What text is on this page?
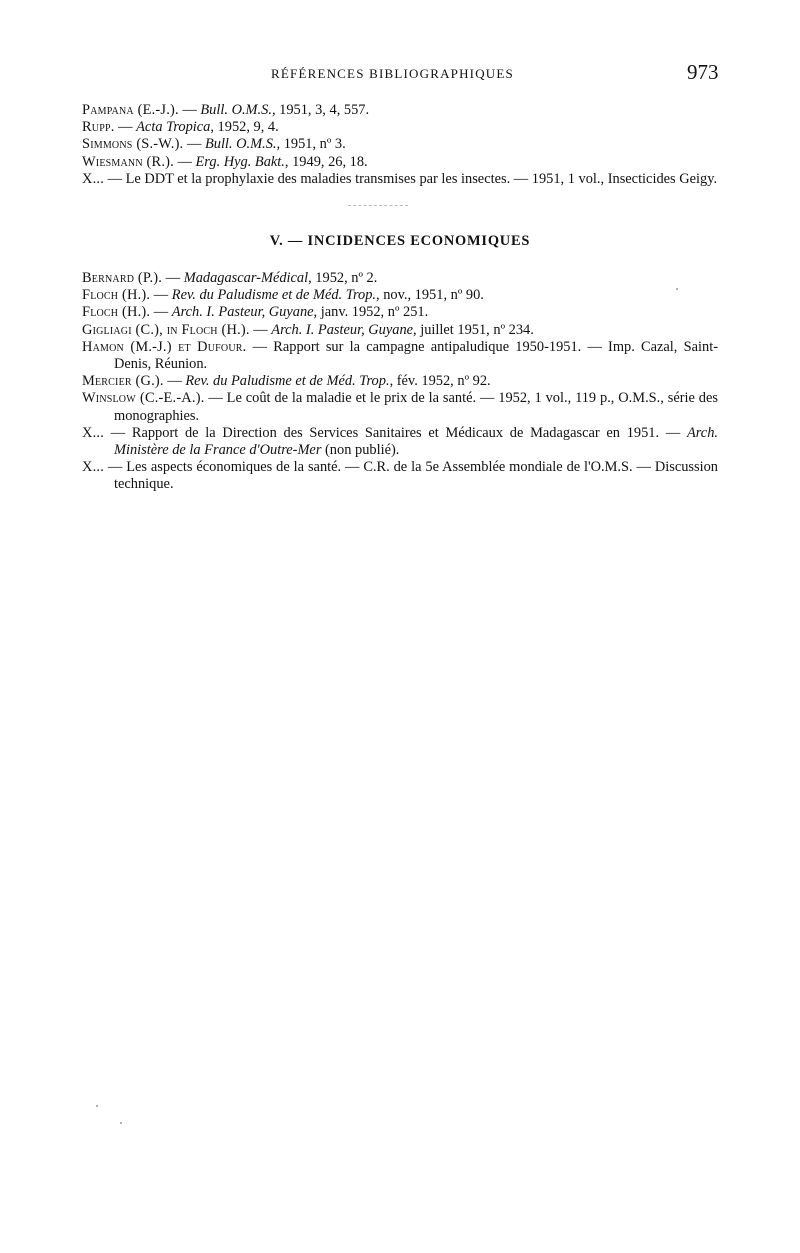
RÉFÉRENCES BIBLIOGRAPHIQUES	973

Pampana (E.-J.). — Bull. O.M.S., 1951, 3, 4, 557.

Rupp. — Acta Tropica, 1952, 9, 4.

Simmons (S.-W.). — Bull. O.M.S., 1951, nº 3.

Wiesmann (R.). — Erg. Hyg. Bakt., 1949, 26, 18.

X... — Le DDT et la prophylaxie des maladies transmises par les insectes. — 1951, 1 vol., Insecticides Geigy.

V. — INCIDENCES ECONOMIQUES

Bernard (P.). — Madagascar-Médical, 1952, nº 2.

Floch (H.). — Rev. du Paludisme et de Méd. Trop., nov., 1951, nº 90.

Floch (H.). — Arch. I. Pasteur, Guyane, janv. 1952, nº 251.

Gigliagi (C.), in Floch (H.). — Arch. I. Pasteur, Guyane, juillet 1951, nº 234.

Hamon (M.-J.) et Dufour. — Rapport sur la campagne antipaludique 1950-1951. — Imp. Cazal, Saint-Denis, Réunion.

Mercier (G.). — Rev. du Paludisme et de Méd. Trop., fév. 1952, nº 92.

Winslow (C.-E.-A.). — Le coût de la maladie et le prix de la santé. — 1952, 1 vol., 119 p., O.M.S., série des monographies.

X... — Rapport de la Direction des Services Sanitaires et Médicaux de Madagascar en 1951. — Arch. Ministère de la France d'Outre-Mer (non publié).

X... — Les aspects économiques de la santé. — C.R. de la 5e Assemblée mondiale de l'O.M.S. — Discussion technique.
